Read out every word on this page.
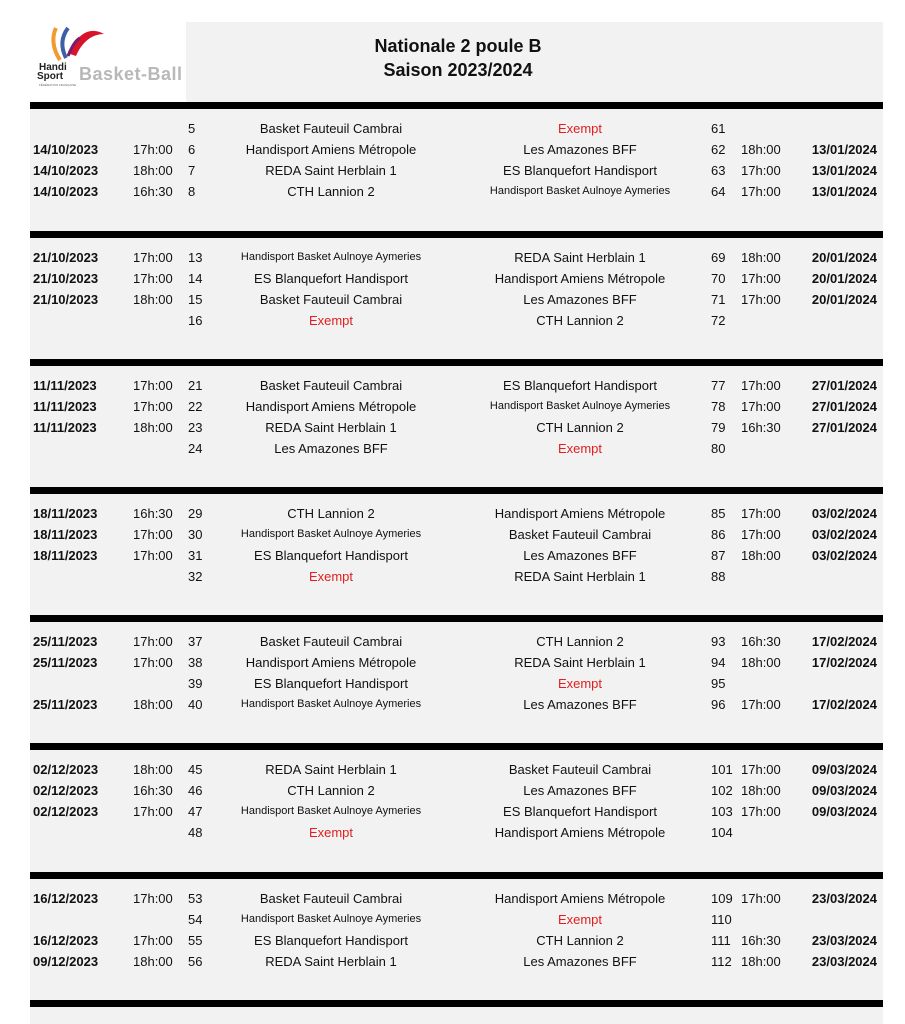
Handi
Sport Basket-Ball
FÉDÉRATION FRANÇAISE
Nationale 2 poule B
Saison 2023/2024
5	Basket Fauteuil Cambrai	Exempt	61
14/10/2023	17h:00 6	Handisport Amiens Métropole	Les Amazones BFF	62 18h:00 13/01/2024
14/10/2023	18h:00 7	REDA Saint Herblain 1	ES Blanquefort Handisport	63 17h:00 13/01/2024
14/10/2023	16h:30 8	CTH Lannion 2	Handisport Basket Aulnoye Aymeries	64 17h:00 13/01/2024
21/10/2023	17h:00 13	Handisport Basket Aulnoye Aymeries	REDA Saint Herblain 1	69 18h:00 20/01/2024
21/10/2023	17h:00 14	ES Blanquefort Handisport	Handisport Amiens Métropole	70 17h:00 20/01/2024
21/10/2023	18h:00 15	Basket Fauteuil Cambrai	Les Amazones BFF	71 17h:00 20/01/2024
16	Exempt	CTH Lannion 2	72
11/11/2023	17h:00 21	Basket Fauteuil Cambrai	ES Blanquefort Handisport	77 17h:00 27/01/2024
11/11/2023	17h:00 22	Handisport Amiens Métropole	Handisport Basket Aulnoye Aymeries	78 17h:00 27/01/2024
11/11/2023	18h:00 23	REDA Saint Herblain 1	CTH Lannion 2	79 16h:30 27/01/2024
24	Les Amazones BFF	Exempt	80
18/11/2023	16h:30 29	CTH Lannion 2	Handisport Amiens Métropole	85 17h:00 03/02/2024
18/11/2023	17h:00 30	Handisport Basket Aulnoye Aymeries	Basket Fauteuil Cambrai	86 17h:00 03/02/2024
18/11/2023	17h:00 31	ES Blanquefort Handisport	Les Amazones BFF	87 18h:00 03/02/2024
32	Exempt	REDA Saint Herblain 1	88
25/11/2023	17h:00 37	Basket Fauteuil Cambrai	CTH Lannion 2	93 16h:30 17/02/2024
25/11/2023	17h:00 38	Handisport Amiens Métropole	REDA Saint Herblain 1	94 18h:00 17/02/2024
39	ES Blanquefort Handisport	Exempt	95
25/11/2023	18h:00 40	Handisport Basket Aulnoye Aymeries	Les Amazones BFF	96 17h:00 17/02/2024
02/12/2023	18h:00 45	REDA Saint Herblain 1	Basket Fauteuil Cambrai	101 17h:00 09/03/2024
02/12/2023	16h:30 46	CTH Lannion 2	Les Amazones BFF	102 18h:00 09/03/2024
02/12/2023	17h:00 47	Handisport Basket Aulnoye Aymeries	ES Blanquefort Handisport	103 17h:00 09/03/2024
48	Exempt	Handisport Amiens Métropole	104
16/12/2023	17h:00 53	Basket Fauteuil Cambrai	Handisport Amiens Métropole	109 17h:00 23/03/2024
54	Handisport Basket Aulnoye Aymeries	Exempt	110
16/12/2023	17h:00 55	ES Blanquefort Handisport	CTH Lannion 2	111 16h:30 23/03/2024
09/12/2023	18h:00 56	REDA Saint Herblain 1	Les Amazones BFF	112 18h:00 23/03/2024
